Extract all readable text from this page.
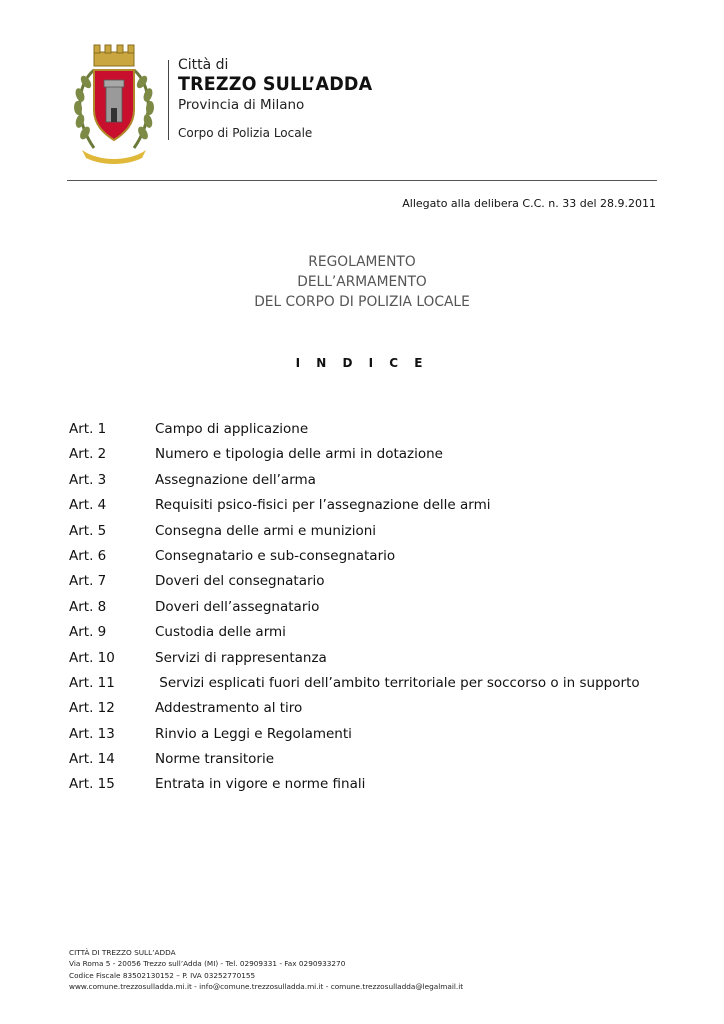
Città di
TREZZO SULL’ADDA
Provincia di Milano
Corpo di Polizia Locale
Allegato alla delibera C.C. n. 33 del 28.9.2011
REGOLAMENTO
DELL’ARMAMENTO
DEL CORPO DI POLIZIA LOCALE
I N D I C E
Art. 1	Campo di applicazione
Art. 2	Numero e tipologia delle armi in dotazione
Art. 3	Assegnazione dell’arma
Art. 4	Requisiti psico-fisici per l’assegnazione delle armi
Art. 5	Consegna delle armi e munizioni
Art. 6	Consegnatario e sub-consegnatario
Art. 7	Doveri del consegnatario
Art. 8	Doveri dell’assegnatario
Art. 9	Custodia delle armi
Art. 10	Servizi di rappresentanza
Art. 11	Servizi esplicati fuori dell’ambito territoriale per soccorso o in supporto
Art. 12	Addestramento al tiro
Art. 13	Rinvio a Leggi e Regolamenti
Art. 14	Norme transitorie
Art. 15	Entrata in vigore e norme finali
CITTÀ DI TREZZO SULL’ADDA
Via Roma 5 - 20056 Trezzo sull’Adda (MI) - Tel. 02909331 - Fax 0290933270
Codice Fiscale 83502130152 – P. IVA 03252770155
www.comune.trezzosulladda.mi.it - info@comune.trezzosulladda.mi.it - comune.trezzosulladda@legalmail.it
